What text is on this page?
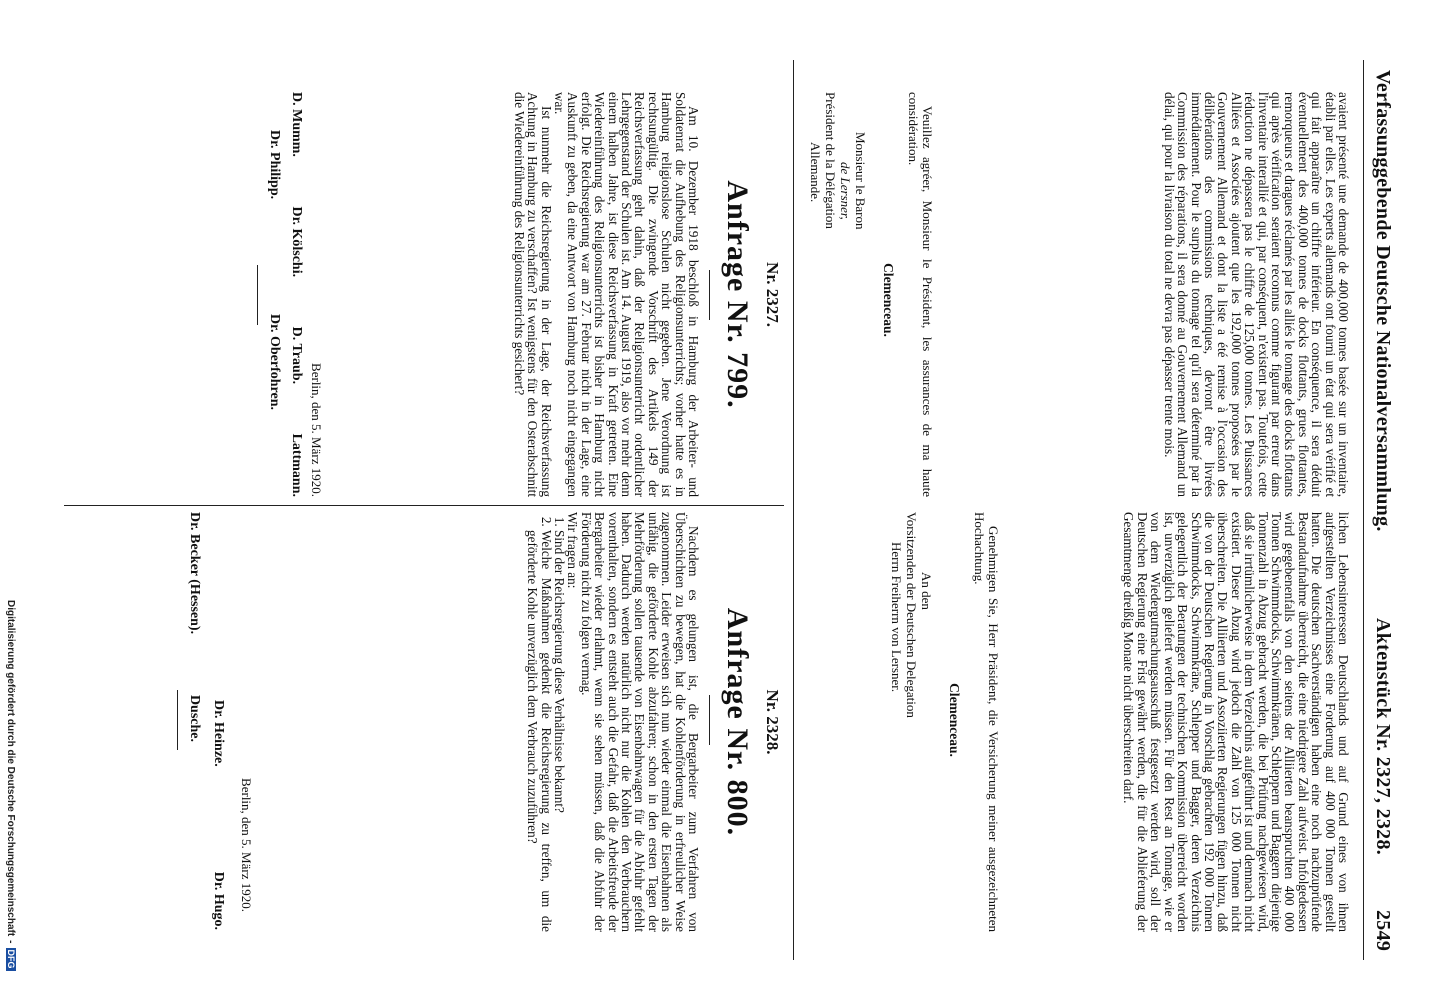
Verfassunggebende Deutsche Nationalversammlung.
Aktenstück Nr. 2327, 2328.
2549

avaient présenté une demande de 400,000 tonnes basée sur un inventaire, établi par elles. Les experts allemands ont fourni un état qui sera vérifié et qui fait apparaître un chiffre inférieur. En conséquence, il sera déduit éventuellement des 400,000 tonnes de docks flottants, grues flottantes, remorqueurs et dragues réclamés par les alliés le tonnage des docks flottants qui après vérification seraient reconnus comme figurant par erreur dans l'inventaire interallié et qui, par conséquent, n'existent pas. Toutefois, cette réduction ne dépassera pas le chiffre de 125,000 tonnes. Les Puissances Alliées et Associées ajoutent que les 192,000 tonnes proposées par le Gouvernement Allemand et dont la liste a été remise à l'occasion des délibérations des commissions techniques, devront être livrées immédiatement. Pour le surplus du tonnage tel qu'il sera déterminé par la Commission des réparations, il sera donné au Gouvernement Allemand un délai, qui pour la livraison du total ne devra pas dépasser trente mois.

Veuillez agréer, Monsieur le Président, les assurances de ma haute considération.
Clemenceau.
Monsieur le Baron
de Lersner,
Président de la Délégation
Allemande.

lichen Lebensinteressen Deutschlands und auf Grund eines von ihnen aufgestellten Verzeichnisses eine Forderung auf 400 000 Tonnen gestellt hatten. Die deutschen Sachverständigen haben eine noch nachzuprüfende Bestandaufnahme überreicht, die eine niedrigere Zahl aufweist. Infolgedessen wird gegebenenfalls von den seitens der Alliierten beanspruchten 400 000 Tonnen Schwimmdocks, Schwimmkränen, Schleppern und Baggern diejenige Tonnenzahl in Abzug gebracht werden, die bei Prüfung nachgewiesen wird, daß sie irrtümlicherweise in dem Verzeichnis aufgeführt ist und demnach nicht existiert. Dieser Abzug wird jedoch die Zahl von 125 000 Tonnen nicht überschreiten. Die Alliierten und Assoziierten Regierungen fügen hinzu, daß die von der Deutschen Regierung in Vorschlag gebrachten 192 000 Tonnen Schwimmdocks, Schwimmkräne, Schlepper und Bagger, deren Verzeichnis gelegentlich der Beratungen der technischen Kommission überreicht worden ist, unverzüglich geliefert werden müssen. Für den Rest an Tonnage, wie er von dem Wiedergutmachungsausschuß festgesetzt werden wird, soll der Deutschen Regierung eine Frist gewährt werden, die für die Ablieferung der Gesamtmenge dreißig Monate nicht überschreiten darf.

Genehmigen Sie, Herr Präsident, die Versicherung meiner ausgezeichneten Hochachtung.
Clemenceau.
An den
Vorsitzenden der Deutschen Delegation
Herrn Freiherrn von Lersner.
Nr. 2327.
Anfrage Nr. 799.

Am 10. Dezember 1918 beschloß in Hamburg der Arbeiter- und Soldatenrat die Aufhebung des Religionsunterrichts; vorher hatte es in Hamburg religionslose Schulen nicht gegeben. Jene Verordnung ist rechtsungültig. Die zwingende Vorschrift des Artikels 149 der Reichsverfassung geht dahin, daß der Religionsunterricht ordentlicher Lehrgegenstand der Schulen ist. Am 14. August 1919, also vor mehr denn einem halben Jahre, ist diese Reichsverfassung in Kraft getreten. Eine Wiedereinführung des Religionsunterrichts ist bisher in Hamburg nicht erfolgt. Die Reichsregierung war am 27. Februar nicht in der Lage, eine Auskunft zu geben, da eine Antwort von Hamburg noch nicht eingegangen war.

Ist nunmehr die Reichsregierung in der Lage, der Reichsverfassung Achtung in Hamburg zu verschaffen? Ist wenigstens für den Osterabschnitt die Wiedereinführung des Religionsunterrichts gesichert?

Berlin, den 5. März 1920.
D. Mumm.
Dr. Kölschi.
D. Traub.
Lattmann.
Dr. Philipp.
Dr. Oberfohren.
Nr. 2328.
Anfrage Nr. 800.

Nachdem es gelungen ist, die Bergarbeiter zum Verfahren von Überschichten zu bewegen, hat die Kohlenförderung in erfreulicher Weise zugenommen. Leider erweisen sich nun wieder einmal die Eisenbahnen als unfähig, die geförderte Kohle abzufahren; schon in den ersten Tagen der Mehrförderung sollen tausende von Eisenbahnwagen für die Abfuhr gefehlt haben. Dadurch werden natürlich nicht nur die Kohlen den Verbrauchern vorenthalten, sondern es entsteht auch die Gefahr, daß die Arbeitsfreude der Bergarbeiter wieder erlahmt, wenn sie sehen müssen, daß die Abfuhr der Förderung nicht zu folgen vermag.

Wir fragen an:

1. Sind der Reichsregierung diese Verhältnisse bekannt?
2. Welche Maßnahmen gedenkt die Reichsregierung zu treffen, um die geförderte Kohle unverzüglich dem Verbrauch zuzuführen?
Berlin, den 5. März 1920.
Dr. Heinze.
Dr. Hugo.
Dr. Becker (Hessen).
Dusche.
Digitalisierung gefördert durch die Deutsche Forschungsgemeinschaft
-
DFG
